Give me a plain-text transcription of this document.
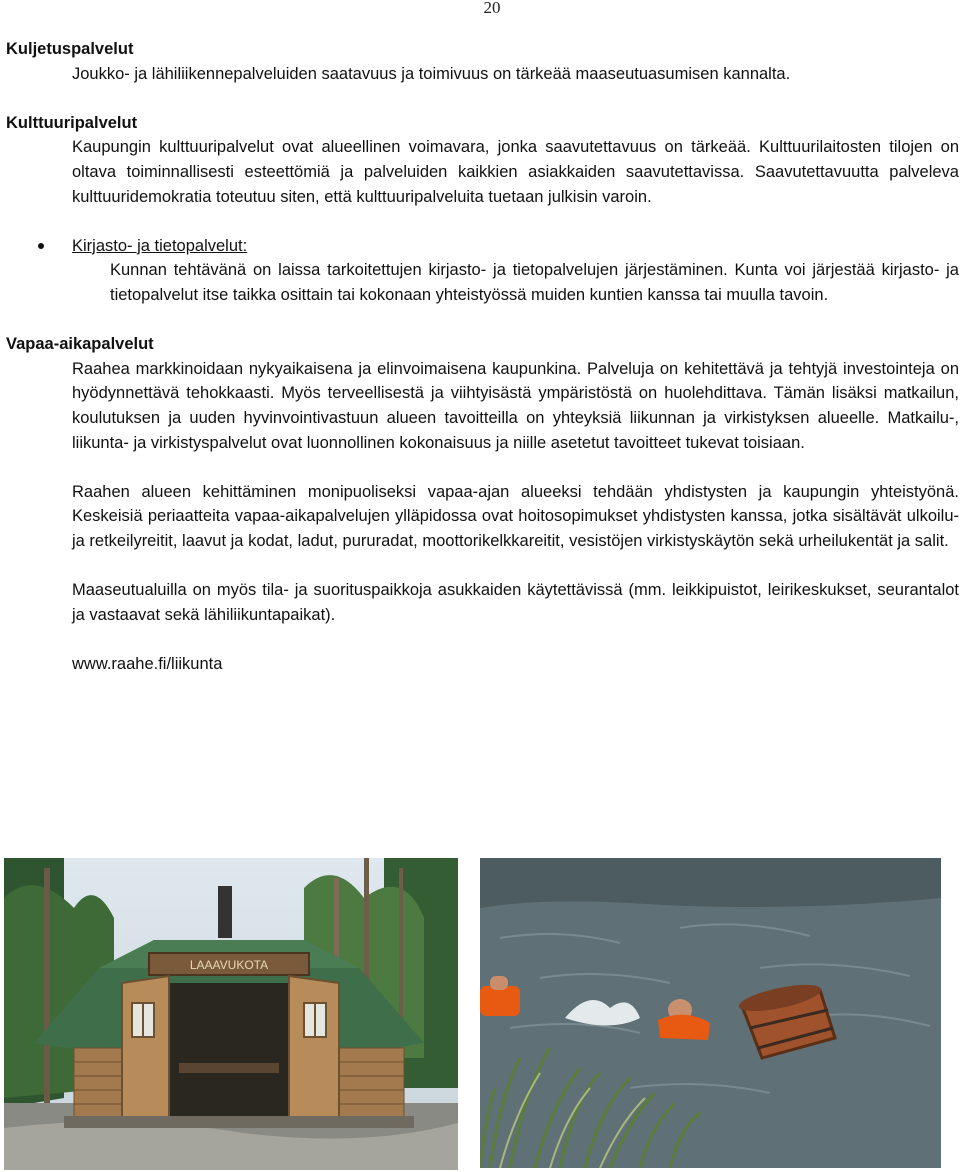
20
Kuljetuspalvelut

Joukko- ja lähiliikennepalveluiden saatavuus ja toimivuus on tärkeää maaseutuasumisen kannalta.

Kulttuuripalvelut

Kaupungin kulttuuripalvelut ovat alueellinen voimavara, jonka saavutettavuus on tärkeää. Kulttuurilaitosten tilojen on oltava toiminnallisesti esteettömiä ja palveluiden kaikkien asiakkaiden saavutettavissa. Saavutettavuutta palveleva kulttuuridemokratia toteutuu siten, että kulttuuripalveluita tuetaan julkisin varoin.

Kirjasto- ja tietopalvelut:

Kunnan tehtävänä on laissa tarkoitettujen kirjasto- ja tietopalvelujen järjestäminen. Kunta voi järjestää kirjasto- ja tietopalvelut itse taikka osittain tai kokonaan yhteistyössä muiden kuntien kanssa tai muulla tavoin.

Vapaa-aikapalvelut

Raahea markkinoidaan nykyaikaisena ja elinvoimaisena kaupunkina. Palveluja on kehitettävä ja tehtyjä investointeja on hyödynnettävä tehokkaasti. Myös terveellisestä ja viihtyisästä ympäristöstä on huolehdittava. Tämän lisäksi matkailun, koulutuksen ja uuden hyvinvointivastuun alueen tavoitteilla on yhteyksiä liikunnan ja virkistyksen alueelle. Matkailu-, liikunta- ja virkistyspalvelut ovat luonnollinen kokonaisuus ja niille asetetut tavoitteet tukevat toisiaan.

Raahen alueen kehittäminen monipuoliseksi vapaa-ajan alueeksi tehdään yhdistysten ja kaupungin yhteistyönä. Keskeisiä periaatteita vapaa-aikapalvelujen ylläpidossa ovat hoitosopimukset yhdistysten kanssa, jotka sisältävät ulkoilu- ja retkeilyreitit, laavut ja kodat, ladut, pururadat, moottorikelkkareitit, vesistöjen virkistyskäytön sekä urheilukentät ja salit.

Maaseutualuilla on myös tila- ja suorituspaikkoja asukkaiden käytettävissä (mm. leikkipuistot, leirikeskukset, seurantalot ja vastaavat sekä lähiliikuntapaikat).

www.raahe.fi/liikunta

LAAAVUKOTA
